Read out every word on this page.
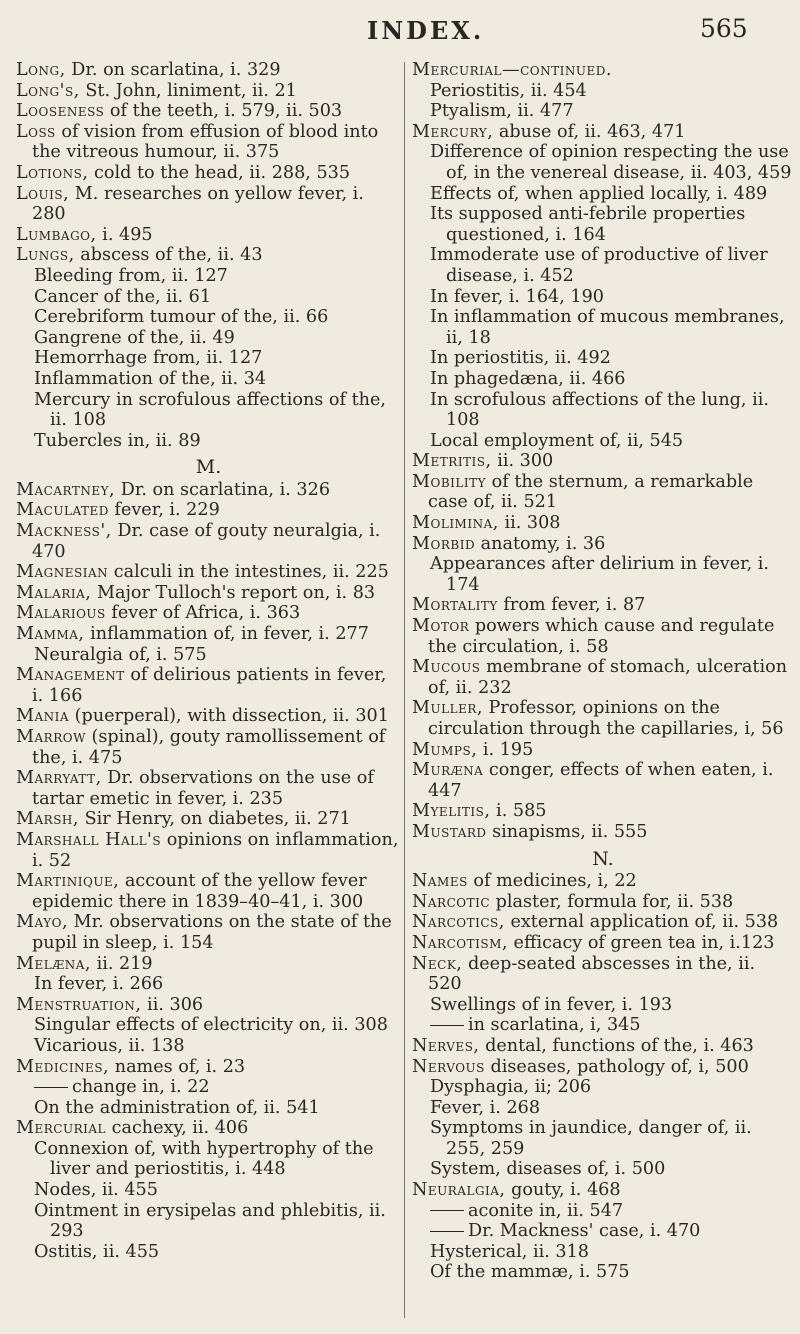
INDEX.	565
Long, Dr. on scarlatina, i. 329
Long's, St. John, liniment, ii. 21
Looseness of the teeth, i. 579, ii. 503
Loss of vision from effusion of blood into the vitreous humour, ii. 375
Lotions, cold to the head, ii. 288, 535
Louis, M. researches on yellow fever, i. 280
Lumbago, i. 495
Lungs, abscess of the, ii. 43
Bleeding from, ii. 127
Cancer of the, ii. 61
Cerebriform tumour of the, ii. 66
Gangrene of the, ii. 49
Hemorrhage from, ii. 127
Inflammation of the, ii. 34
Mercury in scrofulous affections of the, ii. 108
Tubercles in, ii. 89
M.
Macartney, Dr. on scarlatina, i. 326
Maculated fever, i. 229
Mackness', Dr. case of gouty neuralgia, i. 470
Magnesian calculi in the intestines, ii. 225
Malaria, Major Tulloch's report on, i. 83
Malarious fever of Africa, i. 363
Mamma, inflammation of, in fever, i. 277
Neuralgia of, i. 575
Management of delirious patients in fever, i. 166
Mania (puerperal), with dissection, ii. 301
Marrow (spinal), gouty ramollissement of the, i. 475
Marryatt, Dr. observations on the use of tartar emetic in fever, i. 235
Marsh, Sir Henry, on diabetes, ii. 271
Marshall Hall's opinions on inflammation, i. 52
Martinique, account of the yellow fever epidemic there in 1839–40–41, i. 300
Mayo, Mr. observations on the state of the pupil in sleep, i. 154
Melæna, ii. 219
In fever, i. 266
Menstruation, ii. 306
Singular effects of electricity on, ii. 308
Vicarious, ii. 138
Medicines, names of, i. 23
change in, i. 22
On the administration of, ii. 541
Mercurial cachexy, ii. 406
Connexion of, with hypertrophy of the liver and periostitis, i. 448
Nodes, ii. 455
Ointment in erysipelas and phlebitis, ii. 293
Ostitis, ii. 455
Mercurial—continued.
Periostitis, ii. 454
Ptyalism, ii. 477
Mercury, abuse of, ii. 463, 471
Difference of opinion respecting the use of, in the venereal disease, ii. 403, 459
Effects of, when applied locally, i. 489
Its supposed anti-febrile properties questioned, i. 164
Immoderate use of productive of liver disease, i. 452
In fever, i. 164, 190
In inflammation of mucous membranes, ii, 18
In periostitis, ii. 492
In phagedæna, ii. 466
In scrofulous affections of the lung, ii. 108
Local employment of, ii, 545
Metritis, ii. 300
Mobility of the sternum, a remarkable case of, ii. 521
Molimina, ii. 308
Morbid anatomy, i. 36
Appearances after delirium in fever, i. 174
Mortality from fever, i. 87
Motor powers which cause and regulate the circulation, i. 58
Mucous membrane of stomach, ulceration of, ii. 232
Muller, Professor, opinions on the circulation through the capillaries, i, 56
Mumps, i. 195
Muræna conger, effects of when eaten, i. 447
Myelitis, i. 585
Mustard sinapisms, ii. 555
N.
Names of medicines, i, 22
Narcotic plaster, formula for, ii. 538
Narcotics, external application of, ii. 538
Narcotism, efficacy of green tea in, i.123
Neck, deep-seated abscesses in the, ii. 520
Swellings of in fever, i. 193
in scarlatina, i, 345
Nerves, dental, functions of the, i. 463
Nervous diseases, pathology of, i, 500
Dysphagia, ii; 206
Fever, i. 268
Symptoms in jaundice, danger of, ii. 255, 259
System, diseases of, i. 500
Neuralgia, gouty, i. 468
aconite in, ii. 547
Dr. Mackness' case, i. 470
Hysterical, ii. 318
Of the mammæ, i. 575
